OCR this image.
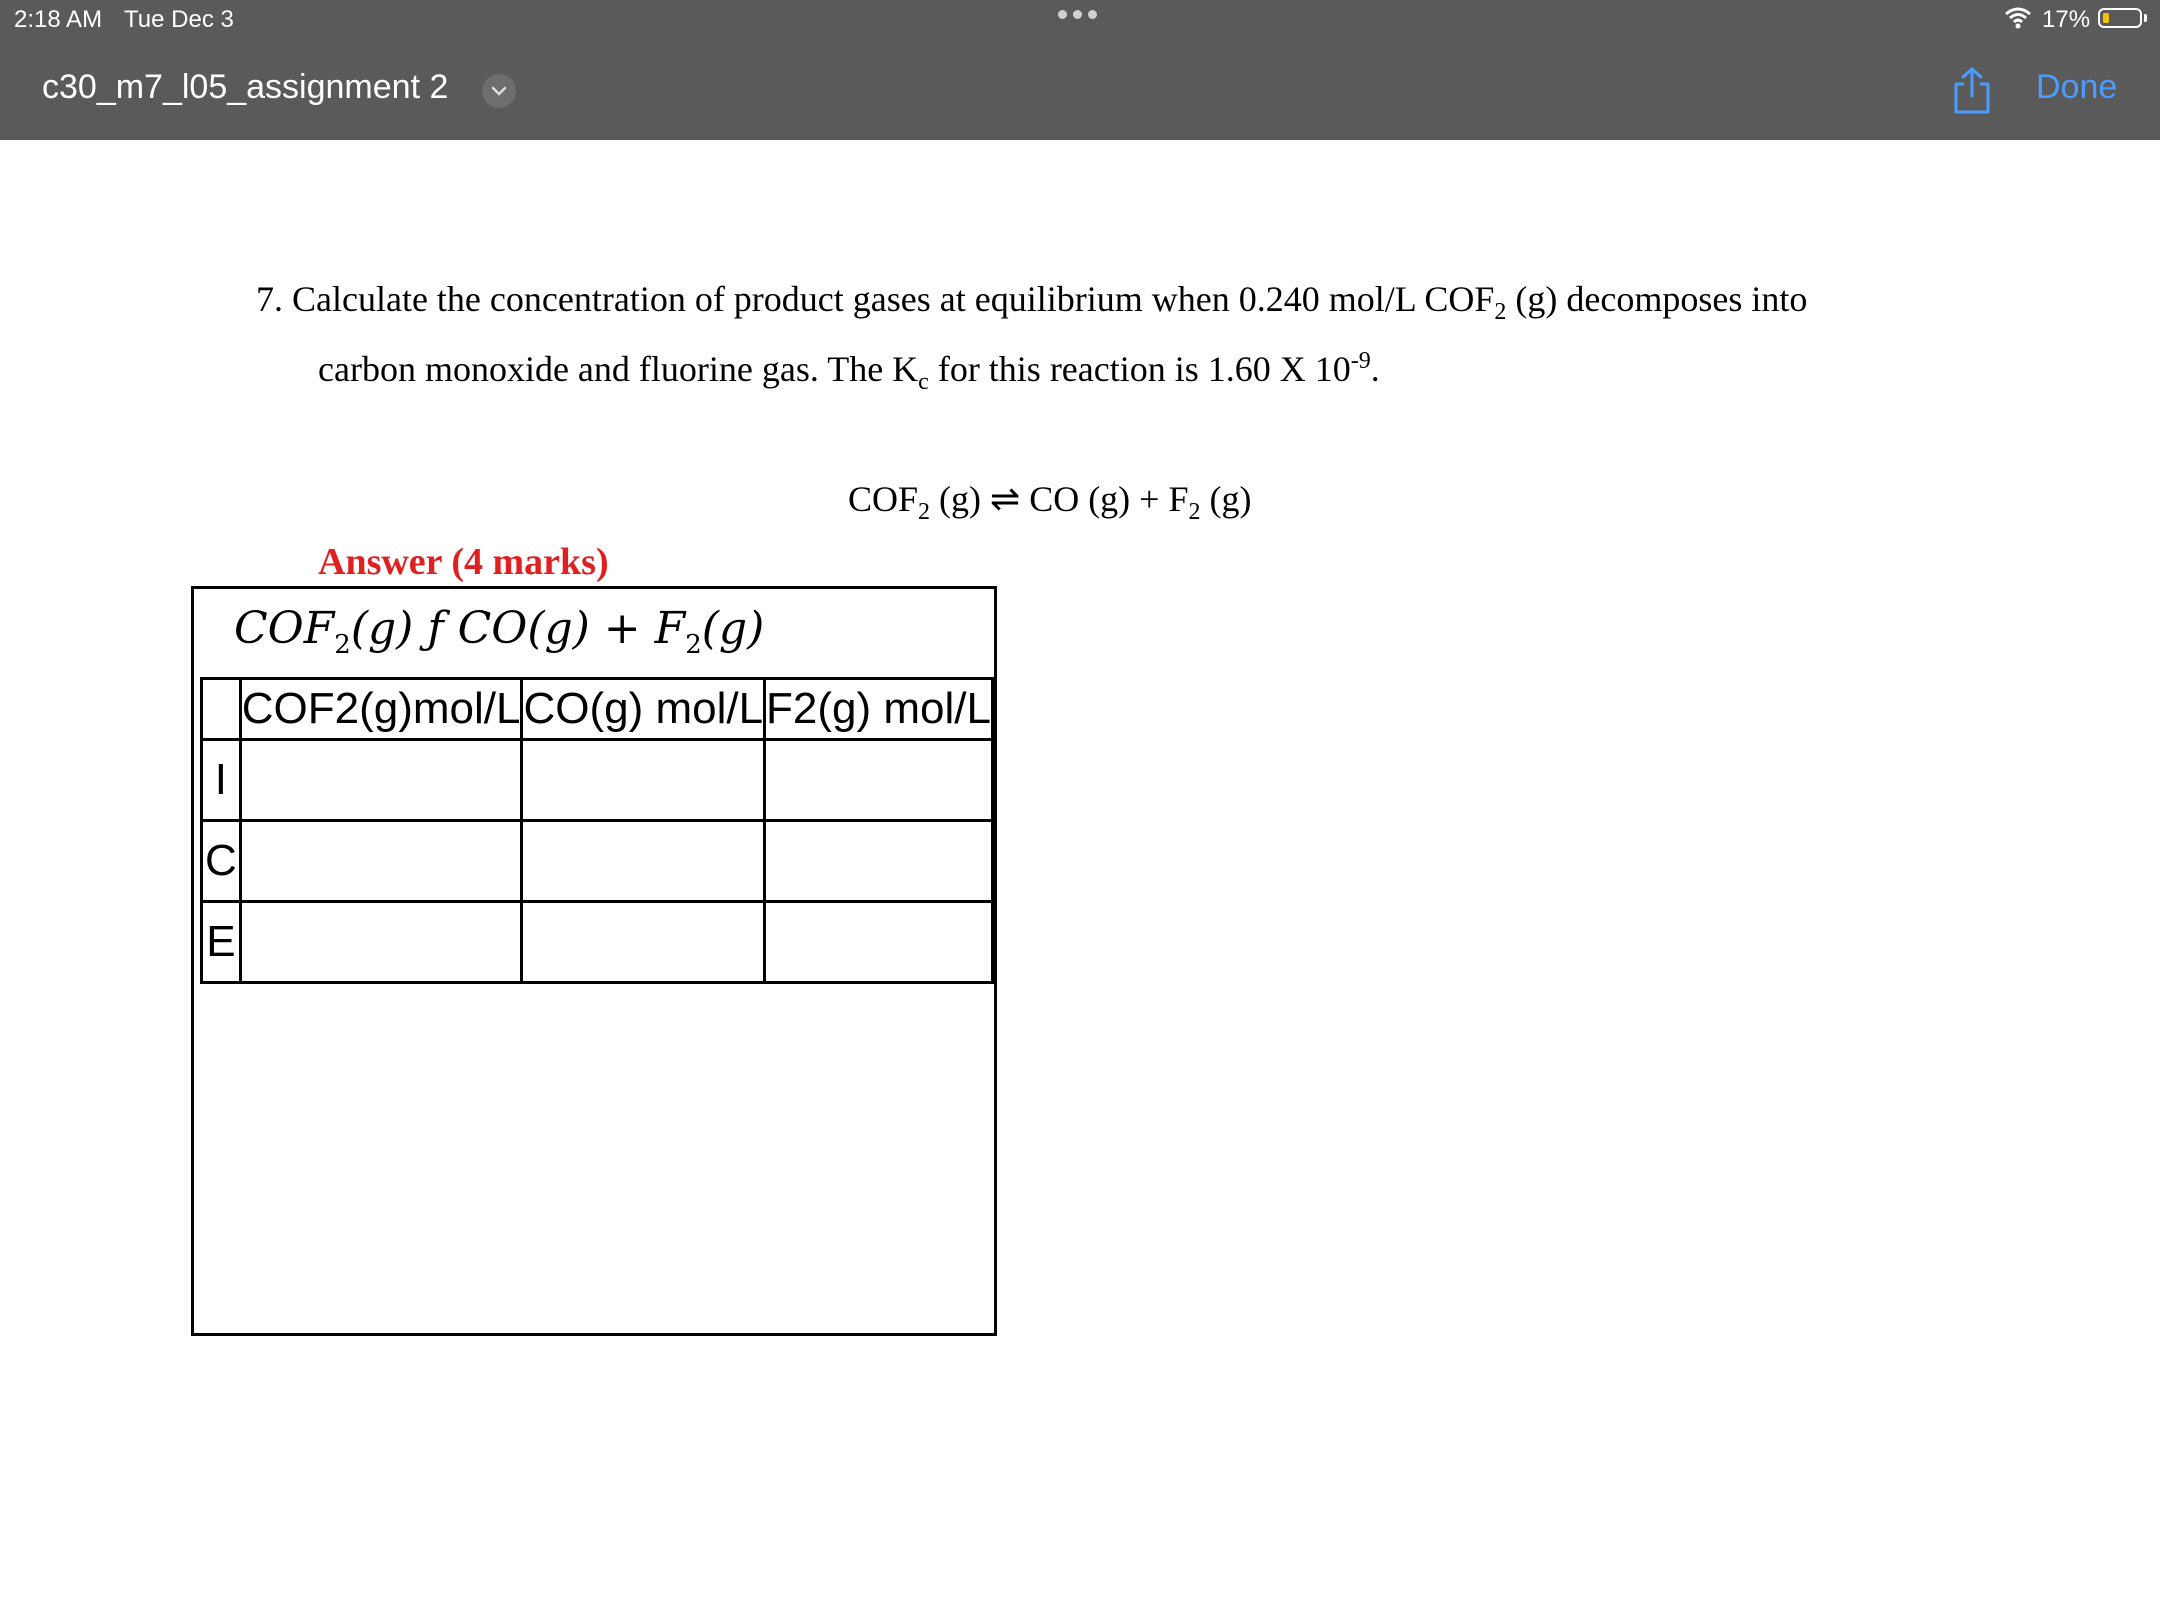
2:18 AM Tue Dec 3	17%
c30_m7_l05_assignment 2	Done
7. Calculate the concentration of product gases at equilibrium when 0.240 mol/L $COF_2$ (g) decomposes into
carbon monoxide and fluorine gas. The $K_c$ for this reaction is 1.60 X $10^{-9}$.
$COF_2$ (g) ⇌ CO $(g) + F_2$ (g)
Answer (4 marks)
$COF_2(g)$ ƒ $CO(g) + F_2(g)$
	COF2(g)mol/L	CO(g) mol/L	F2(g) mol/L
I			
C			
E			
